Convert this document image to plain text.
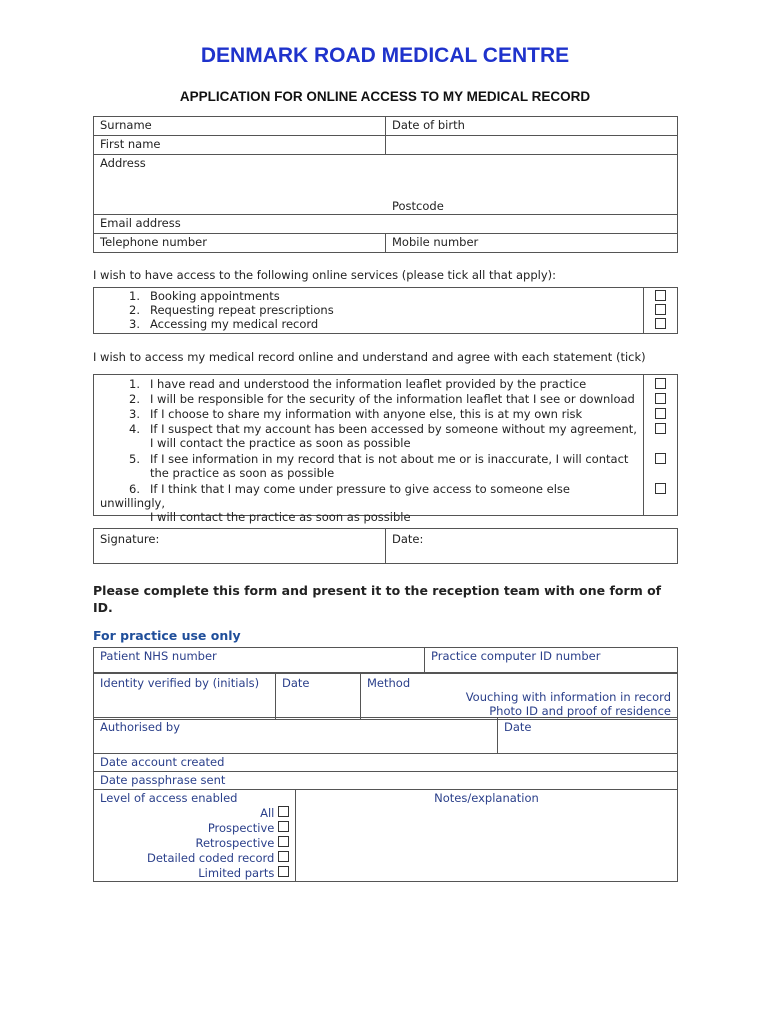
DENMARK ROAD MEDICAL CENTRE
APPLICATION FOR ONLINE ACCESS TO MY MEDICAL RECORD
Surname	Date of birth
First name	
Address
Postcode	

Email address	
Telephone number	Mobile number
I wish to have access to the following online services (please tick all that apply):
1. Booking appointments
2. Requesting repeat prescriptions
3. Accessing my medical record

I wish to access my medical record online and understand and agree with each statement (tick)
1. I have read and understood the information leaflet provided by the practice
2. I will be responsible for the security of the information leaflet that I see or download
3. If I choose to share my information with anyone else, this is at my own risk
4. If I suspect that my account has been accessed by someone without my agreement,
I will contact the practice as soon as possible
5. If I see information in my record that is not about me or is inaccurate, I will contact
the practice as soon as possible
6. If I think that I may come under pressure to give access to someone else unwillingly,
I will contact the practice as soon as possible

Signature:	Date:
Please complete this form and present it to the reception team with one form of
ID.
For practice use only
Patient NHS number	Practice computer ID number
Identity verified by (initials)	Date	Method
Vouching with information in record
Photo ID and proof of residence
Authorised by	Date
Date account created
Date passphrase sent

Level of access enabled
All
Prospective
Retrospective
Detailed coded record
Limited parts
	Notes/explanation
